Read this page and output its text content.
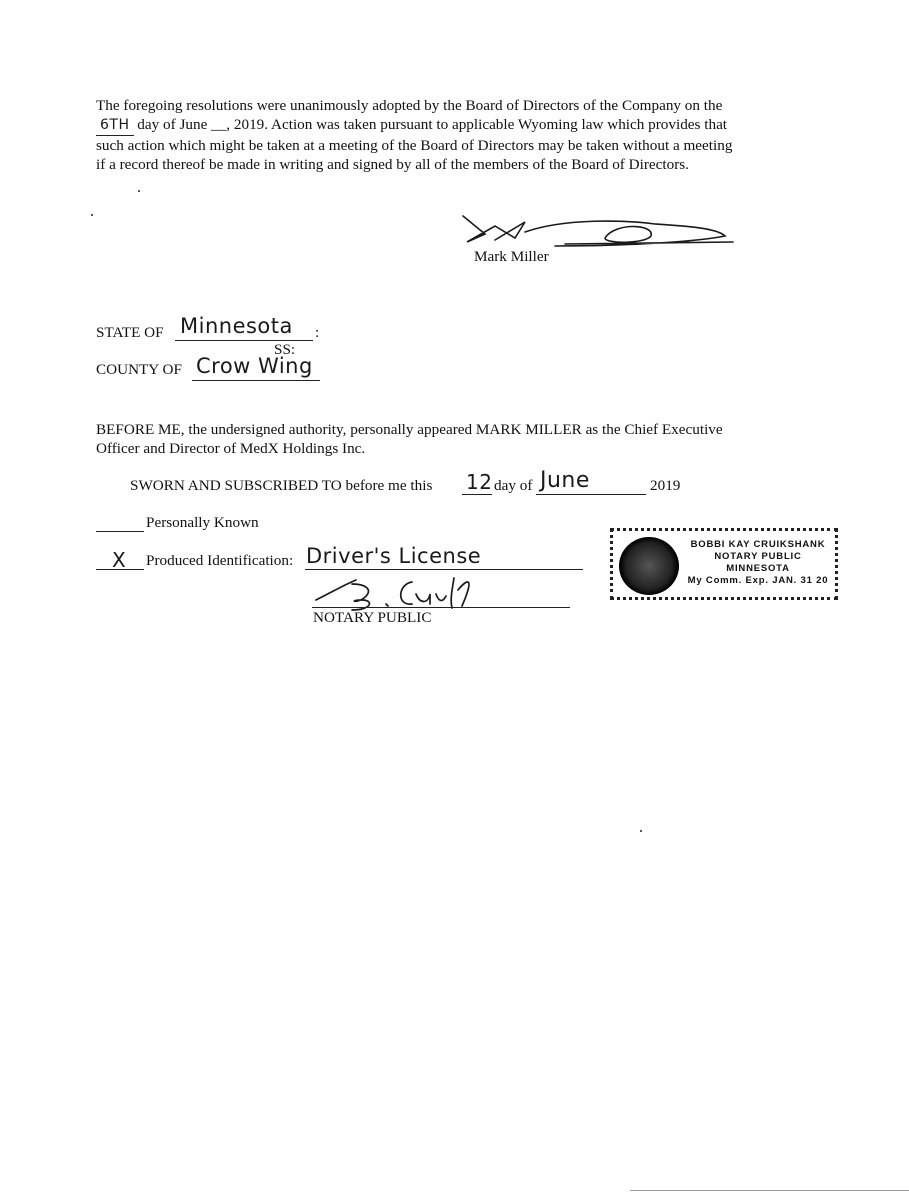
The foregoing resolutions were unanimously adopted by the Board of Directors of the Company on the
6TH day of June __, 2019. Action was taken pursuant to applicable Wyoming law which provides that
such action which might be taken at a meeting of the Board of Directors may be taken without a meeting
if a record thereof be made in writing and signed by all of the members of the Board of Directors.
Mark Miller
STATE OF Minnesota :
SS:
COUNTY OF Crow Wing
BEFORE ME, the undersigned authority, personally appeared MARK MILLER as the Chief Executive
Officer and Director of MedX Holdings Inc.
SWORN AND SUBSCRIBED TO before me this 12 day of June	2019
Personally Known
X Produced Identification: Driver's License
NOTARY PUBLIC
BOBBI KAY CRUIKSHANK
NOTARY PUBLIC
MINNESOTA
My Comm. Exp. JAN. 31 20
